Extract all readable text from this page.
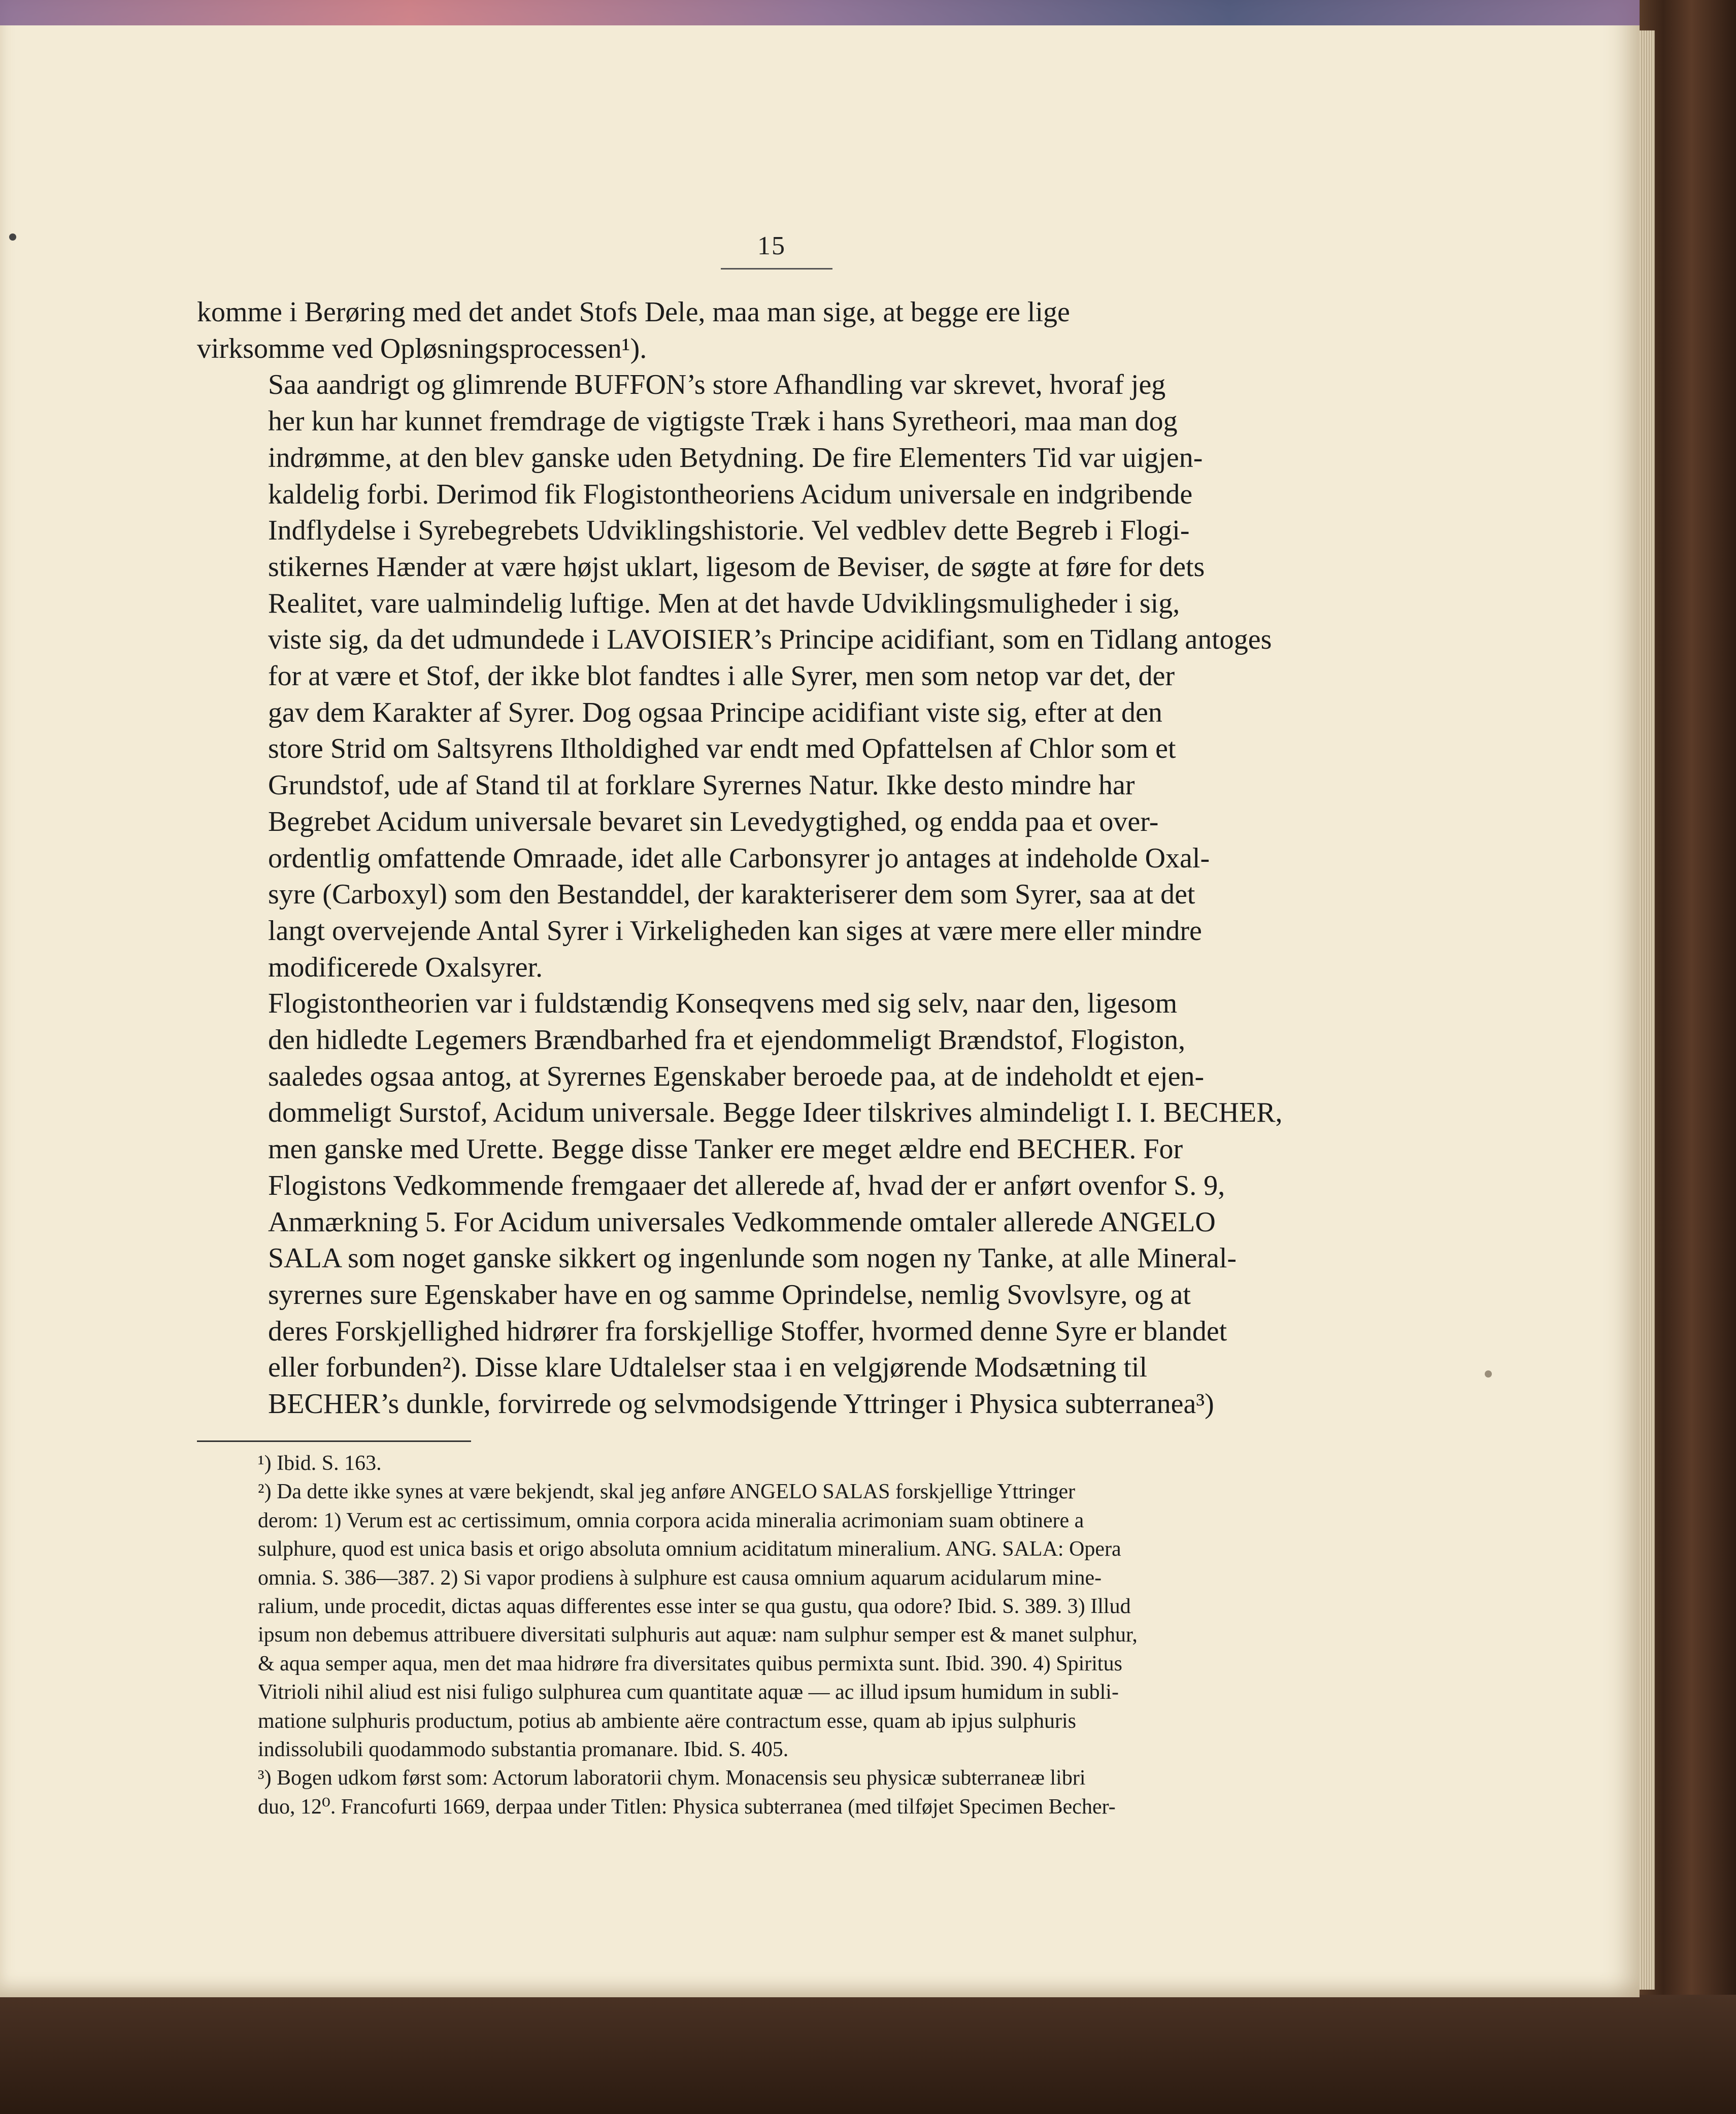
15

komme i Berøring med det andet Stofs Dele, maa man sige, at begge ere lige
virksomme ved Opløsningsprocessen¹).

Saa aandrigt og glimrende BUFFON’s store Afhandling var skrevet, hvoraf jeg
her kun har kunnet fremdrage de vigtigste Træk i hans Syretheori, maa man dog
indrømme, at den blev ganske uden Betydning. De fire Elementers Tid var uigjen-
kaldelig forbi. Derimod fik Flogistontheoriens Acidum universale en indgribende
Indflydelse i Syrebegrebets Udviklingshistorie. Vel vedblev dette Begreb i Flogi-
stikernes Hænder at være højst uklart, ligesom de Beviser, de søgte at føre for dets
Realitet, vare ualmindelig luftige. Men at det havde Udviklingsmuligheder i sig,
viste sig, da det udmundede i LAVOISIER’s Principe acidifiant, som en Tidlang antoges
for at være et Stof, der ikke blot fandtes i alle Syrer, men som netop var det, der
gav dem Karakter af Syrer. Dog ogsaa Principe acidifiant viste sig, efter at den
store Strid om Saltsyrens Iltholdighed var endt med Opfattelsen af Chlor som et
Grundstof, ude af Stand til at forklare Syrernes Natur. Ikke desto mindre har
Begrebet Acidum universale bevaret sin Levedygtighed, og endda paa et over-
ordentlig omfattende Omraade, idet alle Carbonsyrer jo antages at indeholde Oxal-
syre (Carboxyl) som den Bestanddel, der karakteriserer dem som Syrer, saa at det
langt overvejende Antal Syrer i Virkeligheden kan siges at være mere eller mindre
modificerede Oxalsyrer.

Flogistontheorien var i fuldstændig Konseqvens med sig selv, naar den, ligesom
den hidledte Legemers Brændbarhed fra et ejendommeligt Brændstof, Flogiston,
saaledes ogsaa antog, at Syrernes Egenskaber beroede paa, at de indeholdt et ejen-
dommeligt Surstof, Acidum universale. Begge Ideer tilskrives almindeligt I. I. BECHER,
men ganske med Urette. Begge disse Tanker ere meget ældre end BECHER. For
Flogistons Vedkommende fremgaaer det allerede af, hvad der er anført ovenfor S. 9,
Anmærkning 5. For Acidum universales Vedkommende omtaler allerede ANGELO
SALA som noget ganske sikkert og ingenlunde som nogen ny Tanke, at alle Mineral-
syrernes sure Egenskaber have en og samme Oprindelse, nemlig Svovlsyre, og at
deres Forskjellighed hidrører fra forskjellige Stoffer, hvormed denne Syre er blandet
eller forbunden²). Disse klare Udtalelser staa i en velgjørende Modsætning til
BECHER’s dunkle, forvirrede og selvmodsigende Yttringer i Physica subterranea³)

¹) Ibid. S. 163.

²) Da dette ikke synes at være bekjendt, skal jeg anføre ANGELO SALAS forskjellige Yttringer
derom: 1) Verum est ac certissimum, omnia corpora acida mineralia acrimoniam suam obtinere a
sulphure, quod est unica basis et origo absoluta omnium aciditatum mineralium. ANG. SALA: Opera
omnia. S. 386—387. 2) Si vapor prodiens à sulphure est causa omnium aquarum acidularum mine-
ralium, unde procedit, dictas aquas differentes esse inter se qua gustu, qua odore? Ibid. S. 389. 3) Illud
ipsum non debemus attribuere diversitati sulphuris aut aquæ: nam sulphur semper est & manet sulphur,
& aqua semper aqua, men det maa hidrøre fra diversitates quibus permixta sunt. Ibid. 390. 4) Spiritus
Vitrioli nihil aliud est nisi fuligo sulphurea cum quantitate aquæ — ac illud ipsum humidum in subli-
matione sulphuris productum, potius ab ambiente aëre contractum esse, quam ab ipjus sulphuris
indissolubili quodammodo substantia promanare. Ibid. S. 405.

³) Bogen udkom først som: Actorum laboratorii chym. Monacensis seu physicæ subterraneæ libri
duo, 12⁰. Francofurti 1669, derpaa under Titlen: Physica subterranea (med tilføjet Specimen Becher-
